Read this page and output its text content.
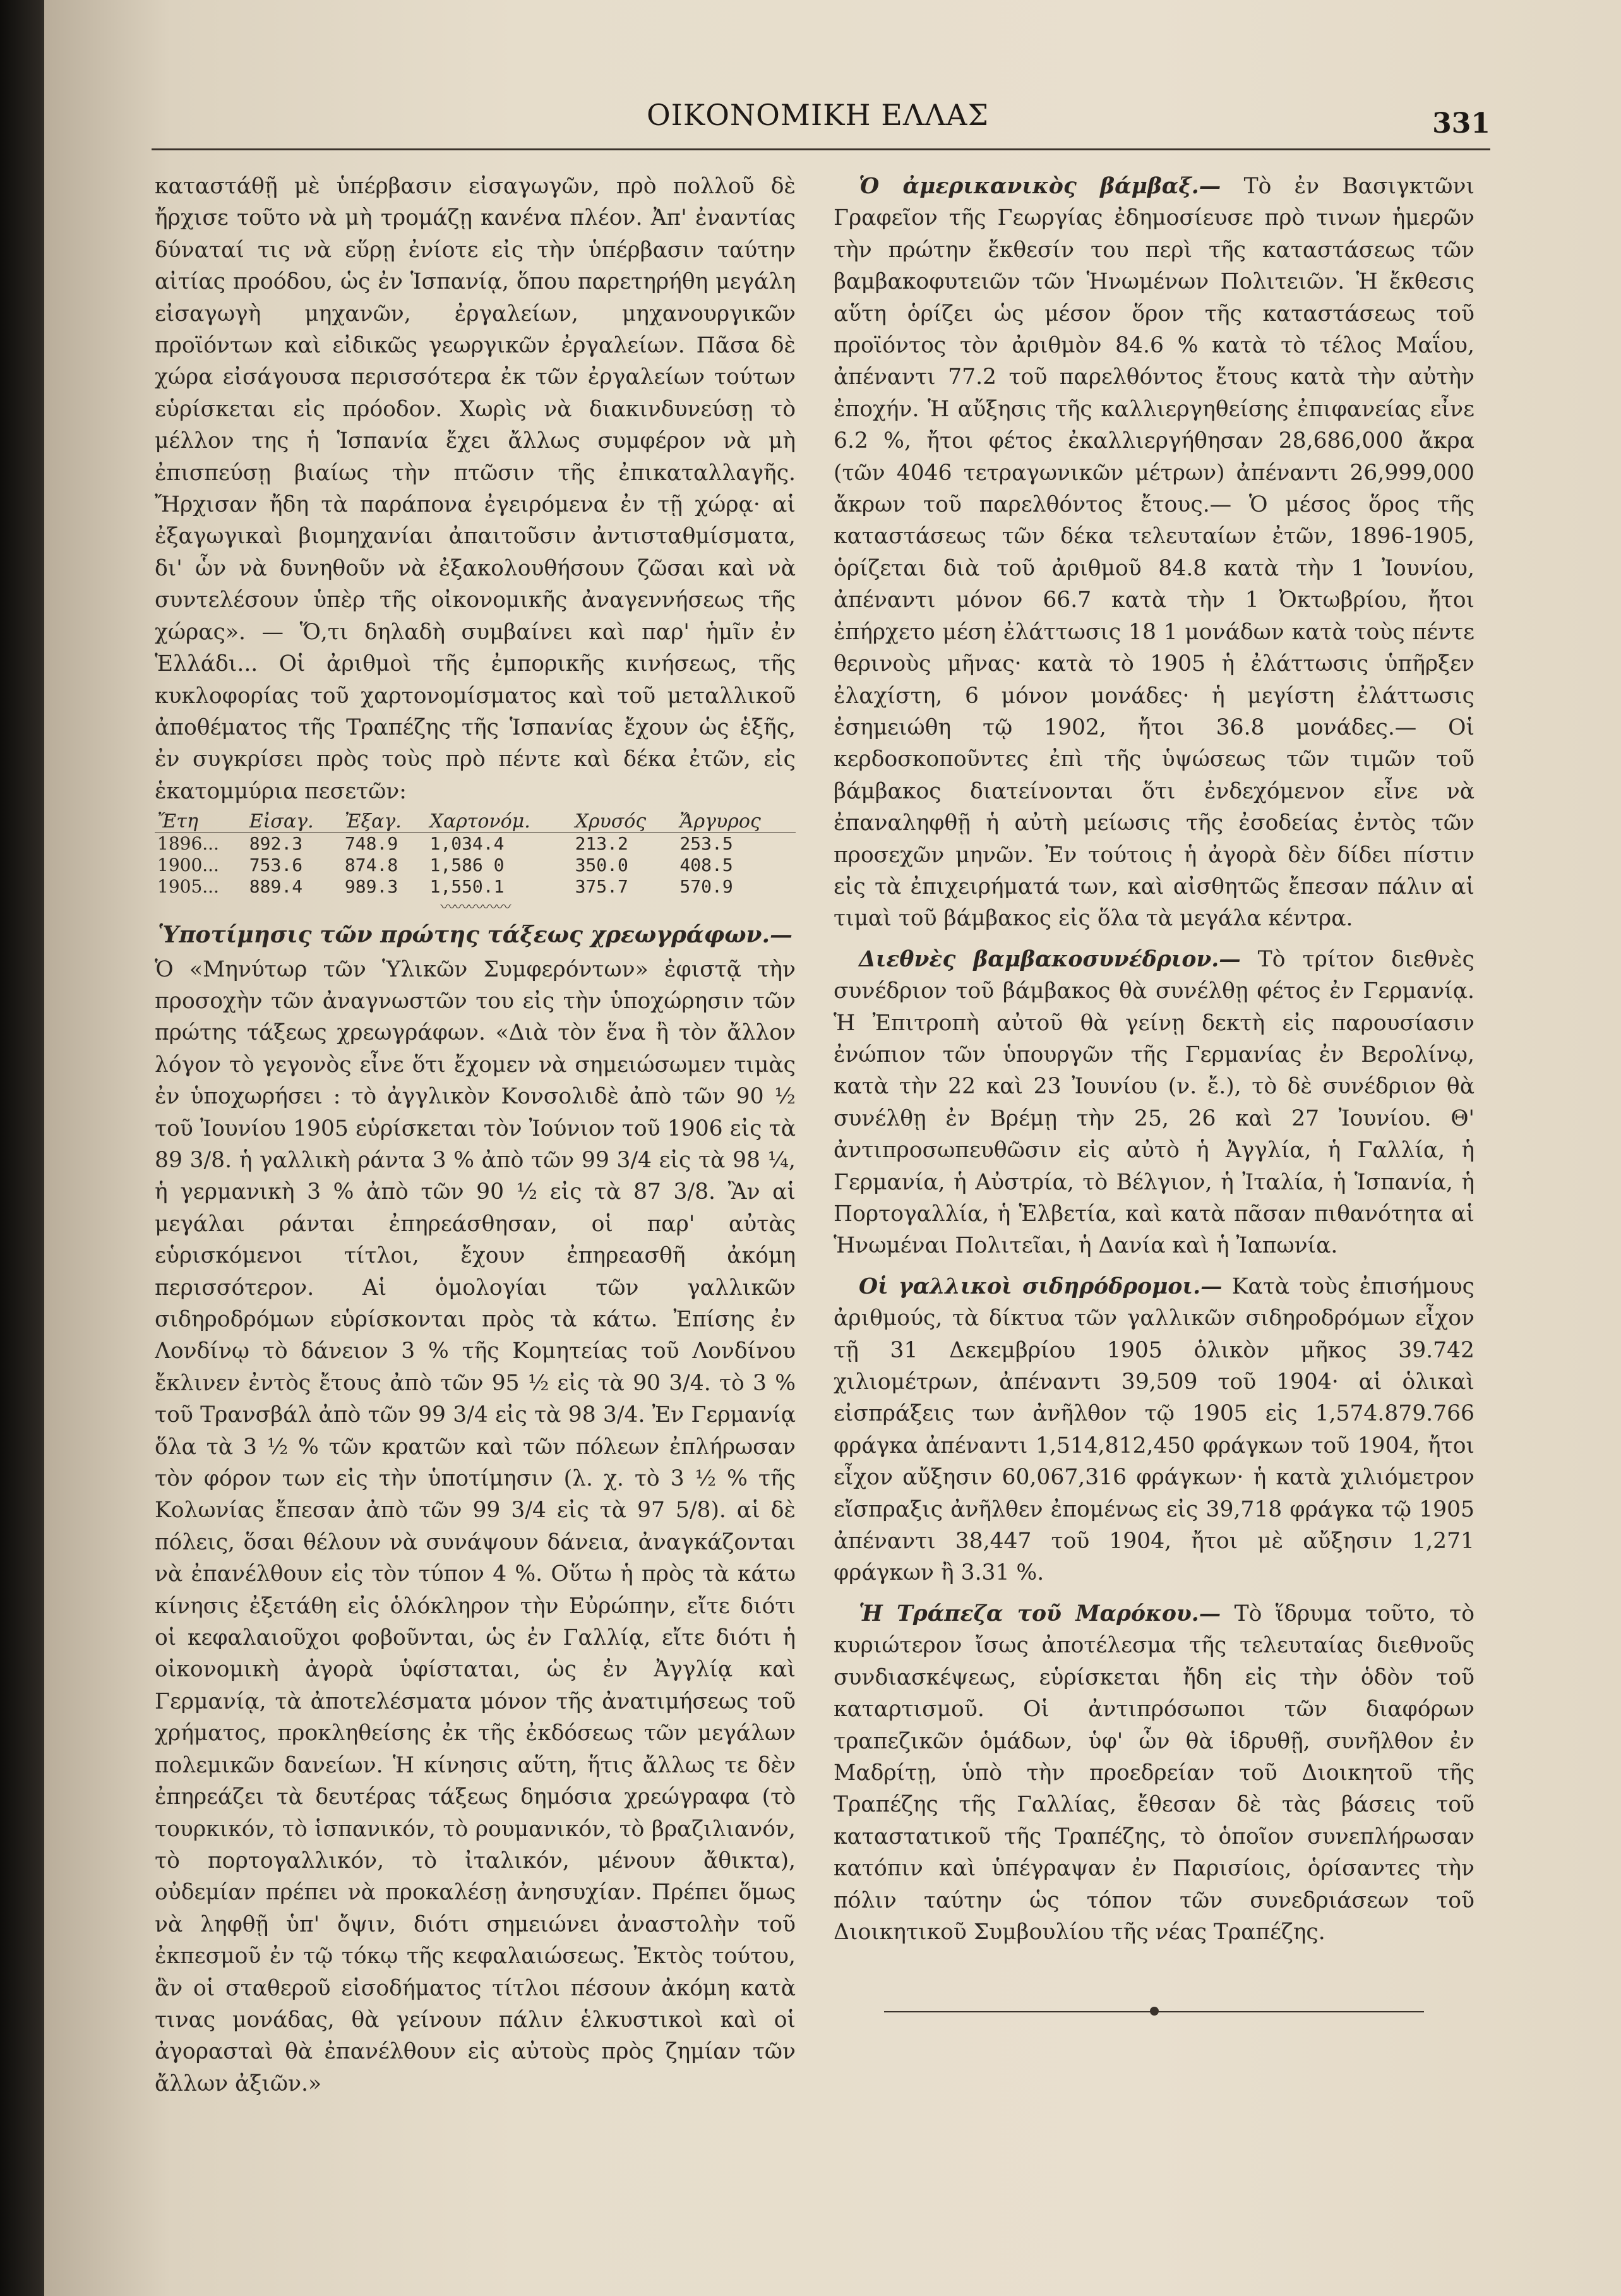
ΟΙΚΟΝΟΜΙΚΗ ΕΛΛΑΣ	331

καταστάθῇ μὲ ὑπέρβασιν εἰσαγωγῶν, πρὸ πολλοῦ δὲ ἤρχισε τοῦτο νὰ μὴ τρομάζῃ κανένα πλέον. Ἀπ' ἐναντίας δύναταί τις νὰ εὕρῃ ἐνίοτε εἰς τὴν ὑπέρβασιν ταύτην αἰτίας προόδου, ὡς ἐν Ἱσπανίᾳ, ὅπου παρετηρήθη μεγάλη εἰσαγωγὴ μηχανῶν, ἐργαλείων, μηχανουργικῶν προϊόντων καὶ εἰδικῶς γεωργικῶν ἐργαλείων. Πᾶσα δὲ χώρα εἰσάγουσα περισσότερα ἐκ τῶν ἐργαλείων τούτων εὑρίσκεται εἰς πρόοδον. Χωρὶς νὰ διακινδυνεύσῃ τὸ μέλλον της ἡ Ἱσπανία ἔχει ἄλλως συμφέρον νὰ μὴ ἐπισπεύσῃ βιαίως τὴν πτῶσιν τῆς ἐπικαταλλαγῆς. Ἤρχισαν ἤδη τὰ παράπονα ἐγειρόμενα ἐν τῇ χώρᾳ· αἱ ἐξαγωγικαὶ βιομηχανίαι ἀπαιτοῦσιν ἀντισταθμίσματα, δι' ὧν νὰ δυνηθοῦν νὰ ἐξακολουθήσουν ζῶσαι καὶ νὰ συντελέσουν ὑπὲρ τῆς οἰκονομικῆς ἀναγεννήσεως τῆς χώρας». — Ὅ,τι δηλαδὴ συμβαίνει καὶ παρ' ἡμῖν ἐν Ἑλλάδι... Οἱ ἀριθμοὶ τῆς ἐμπορικῆς κινήσεως, τῆς κυκλοφορίας τοῦ χαρτονομίσματος καὶ τοῦ μεταλλικοῦ ἀποθέματος τῆς Τραπέζης τῆς Ἱσπανίας ἔχουν ὡς ἑξῆς, ἐν συγκρίσει πρὸς τοὺς πρὸ πέντε καὶ δέκα ἐτῶν, εἰς ἑκατομμύρια πεσετῶν:

Ἔτη	Εἰσαγ.	Ἐξαγ.	Χαρτονόμ.	Χρυσός	Ἄργυρος
1896...	892.3	748.9	1,034.4	213.2	253.5
1900...	753.6	874.8	1,586 0	350.0	408.5
1905...	889.4	989.3	1,550.1	375.7	570.9
〰〰〰〰〰
Ὑποτίμησις τῶν πρώτης τάξεως χρεωγράφων.—

Ὁ «Μηνύτωρ τῶν Ὑλικῶν Συμφερόντων» ἐφιστᾷ τὴν προσοχὴν τῶν ἀναγνωστῶν του εἰς τὴν ὑποχώρησιν τῶν πρώτης τάξεως χρεωγράφων. «Διὰ τὸν ἕνα ἢ τὸν ἄλλον λόγον τὸ γεγονὸς εἶνε ὅτι ἔχομεν νὰ σημειώσωμεν τιμὰς ἐν ὑποχωρήσει : τὸ ἀγγλικὸν Κονσολιδὲ ἀπὸ τῶν 90 ½ τοῦ Ἰουνίου 1905 εὑρίσκεται τὸν Ἰούνιον τοῦ 1906 εἰς τὰ 89 3/8. ἡ γαλλικὴ ράντα 3 % ἀπὸ τῶν 99 3/4 εἰς τὰ 98 ¼, ἡ γερμανικὴ 3 % ἀπὸ τῶν 90 ½ εἰς τὰ 87 3/8. Ἂν αἱ μεγάλαι ράνται ἐπηρεάσθησαν, οἱ παρ' αὐτὰς εὑρισκόμενοι τίτλοι, ἔχουν ἐπηρεασθῆ ἀκόμη περισσότερον. Αἱ ὁμολογίαι τῶν γαλλικῶν σιδηροδρόμων εὑρίσκονται πρὸς τὰ κάτω. Ἐπίσης ἐν Λονδίνῳ τὸ δάνειον 3 % τῆς Κομητείας τοῦ Λονδίνου ἔκλινεν ἐντὸς ἔτους ἀπὸ τῶν 95 ½ εἰς τὰ 90 3/4. τὸ 3 % τοῦ Τρανσβάλ ἀπὸ τῶν 99 3/4 εἰς τὰ 98 3/4. Ἐν Γερμανίᾳ ὅλα τὰ 3 ½ % τῶν κρατῶν καὶ τῶν πόλεων ἐπλήρωσαν τὸν φόρον των εἰς τὴν ὑποτίμησιν (λ. χ. τὸ 3 ½ % τῆς Κολωνίας ἔπεσαν ἀπὸ τῶν 99 3/4 εἰς τὰ 97 5/8). αἱ δὲ πόλεις, ὅσαι θέλουν νὰ συνάψουν δάνεια, ἀναγκάζονται νὰ ἐπανέλθουν εἰς τὸν τύπον 4 %. Οὕτω ἡ πρὸς τὰ κάτω κίνησις ἐξετάθη εἰς ὁλόκληρον τὴν Εὐρώπην, εἴτε διότι οἱ κεφαλαιοῦχοι φοβοῦνται, ὡς ἐν Γαλλίᾳ, εἴτε διότι ἡ οἰκονομικὴ ἀγορὰ ὑφίσταται, ὡς ἐν Ἀγγλίᾳ καὶ Γερμανίᾳ, τὰ ἀποτελέσματα μόνον τῆς ἀνατιμήσεως τοῦ χρήματος, προκληθείσης ἐκ τῆς ἐκδόσεως τῶν μεγάλων πολεμικῶν δανείων. Ἡ κίνησις αὕτη, ἥτις ἄλλως τε δὲν ἐπηρεάζει τὰ δευτέρας τάξεως δημόσια χρεώγραφα (τὸ τουρκικόν, τὸ ἱσπανικόν, τὸ ρουμανικόν, τὸ βραζιλιανόν, τὸ πορτογαλλικόν, τὸ ἰταλικόν, μένουν ἄθικτα), οὐδεμίαν πρέπει νὰ προκαλέσῃ ἀνησυχίαν. Πρέπει ὅμως νὰ ληφθῇ ὑπ' ὄψιν, διότι σημειώνει ἀναστολὴν τοῦ ἐκπεσμοῦ ἐν τῷ τόκῳ τῆς κεφαλαιώσεως. Ἐκτὸς τούτου, ἂν οἱ σταθεροῦ εἰσοδήματος τίτλοι πέσουν ἀκόμη κατὰ τινας μονάδας, θὰ γείνουν πάλιν ἑλκυστικοὶ καὶ οἱ ἀγορασταὶ θὰ ἐπανέλθουν εἰς αὐτοὺς πρὸς ζημίαν τῶν ἄλλων ἀξιῶν.»

Ὁ ἀμερικανικὸς βάμβαξ.— Τὸ ἐν Βασιγκτῶνι Γραφεῖον τῆς Γεωργίας ἐδημοσίευσε πρὸ τινων ἡμερῶν τὴν πρώτην ἔκθεσίν του περὶ τῆς καταστάσεως τῶν βαμβακοφυτειῶν τῶν Ἡνωμένων Πολιτειῶν. Ἡ ἔκθεσις αὕτη ὁρίζει ὡς μέσον ὅρον τῆς καταστάσεως τοῦ προϊόντος τὸν ἀριθμὸν 84.6 % κατὰ τὸ τέλος Μαΐου, ἀπέναντι 77.2 τοῦ παρελθόντος ἔτους κατὰ τὴν αὐτὴν ἐποχήν. Ἡ αὔξησις τῆς καλλιεργηθείσης ἐπιφανείας εἶνε 6.2 %, ἤτοι φέτος ἐκαλλιεργήθησαν 28,686,000 ἄκρα (τῶν 4046 τετραγωνικῶν μέτρων) ἀπέναντι 26,999,000 ἄκρων τοῦ παρελθόντος ἔτους.— Ὁ μέσος ὅρος τῆς καταστάσεως τῶν δέκα τελευταίων ἐτῶν, 1896-1905, ὁρίζεται διὰ τοῦ ἀριθμοῦ 84.8 κατὰ τὴν 1 Ἰουνίου, ἀπέναντι μόνον 66.7 κατὰ τὴν 1 Ὀκτωβρίου, ἤτοι ἐπήρχετο μέση ἐλάττωσις 18 1 μονάδων κατὰ τοὺς πέντε θερινοὺς μῆνας· κατὰ τὸ 1905 ἡ ἐλάττωσις ὑπῆρξεν ἐλαχίστη, 6 μόνον μονάδες· ἡ μεγίστη ἐλάττωσις ἐσημειώθη τῷ 1902, ἤτοι 36.8 μονάδες.— Οἱ κερδοσκοποῦντες ἐπὶ τῆς ὑψώσεως τῶν τιμῶν τοῦ βάμβακος διατείνονται ὅτι ἐνδεχόμενον εἶνε νὰ ἐπαναληφθῇ ἡ αὐτὴ μείωσις τῆς ἐσοδείας ἐντὸς τῶν προσεχῶν μηνῶν. Ἐν τούτοις ἡ ἀγορὰ δὲν δίδει πίστιν εἰς τὰ ἐπιχειρήματά των, καὶ αἰσθητῶς ἔπεσαν πάλιν αἱ τιμαὶ τοῦ βάμβακος εἰς ὅλα τὰ μεγάλα κέντρα.

Διεθνὲς βαμβακοσυνέδριον.— Τὸ τρίτον διεθνὲς συνέδριον τοῦ βάμβακος θὰ συνέλθῃ φέτος ἐν Γερμανίᾳ. Ἡ Ἐπιτροπὴ αὐτοῦ θὰ γείνῃ δεκτὴ εἰς παρουσίασιν ἐνώπιον τῶν ὑπουργῶν τῆς Γερμανίας ἐν Βερολίνῳ, κατὰ τὴν 22 καὶ 23 Ἰουνίου (ν. ἔ.), τὸ δὲ συνέδριον θὰ συνέλθῃ ἐν Βρέμῃ τὴν 25, 26 καὶ 27 Ἰουνίου. Θ' ἀντιπροσωπευθῶσιν εἰς αὐτὸ ἡ Ἀγγλία, ἡ Γαλλία, ἡ Γερμανία, ἡ Αὐστρία, τὸ Βέλγιον, ἡ Ἰταλία, ἡ Ἱσπανία, ἡ Πορτογαλλία, ἡ Ἑλβετία, καὶ κατὰ πᾶσαν πιθανότητα αἱ Ἡνωμέναι Πολιτεῖαι, ἡ Δανία καὶ ἡ Ἰαπωνία.

Οἱ γαλλικοὶ σιδηρόδρομοι.— Κατὰ τοὺς ἐπισήμους ἀριθμούς, τὰ δίκτυα τῶν γαλλικῶν σιδηροδρόμων εἶχον τῇ 31 Δεκεμβρίου 1905 ὁλικὸν μῆκος 39.742 χιλιομέτρων, ἀπέναντι 39,509 τοῦ 1904· αἱ ὁλικαὶ εἰσπράξεις των ἀνῆλθον τῷ 1905 εἰς 1,574.879.766 φράγκα ἀπέναντι 1,514,812,450 φράγκων τοῦ 1904, ἤτοι εἶχον αὔξησιν 60,067,316 φράγκων· ἡ κατὰ χιλιόμετρον εἴσπραξις ἀνῆλθεν ἐπομένως εἰς 39,718 φράγκα τῷ 1905 ἀπέναντι 38,447 τοῦ 1904, ἤτοι μὲ αὔξησιν 1,271 φράγκων ἢ 3.31 %.

Ἡ Τράπεζα τοῦ Μαρόκου.— Τὸ ἵδρυμα τοῦτο, τὸ κυριώτερον ἴσως ἀποτέλεσμα τῆς τελευταίας διεθνοῦς συνδιασκέψεως, εὑρίσκεται ἤδη εἰς τὴν ὁδὸν τοῦ καταρτισμοῦ. Οἱ ἀντιπρόσωποι τῶν διαφόρων τραπεζικῶν ὁμάδων, ὑφ' ὧν θὰ ἱδρυθῇ, συνῆλθον ἐν Μαδρίτῃ, ὑπὸ τὴν προεδρείαν τοῦ Διοικητοῦ τῆς Τραπέζης τῆς Γαλλίας, ἔθεσαν δὲ τὰς βάσεις τοῦ καταστατικοῦ τῆς Τραπέζης, τὸ ὁποῖον συνεπλήρωσαν κατόπιν καὶ ὑπέγραψαν ἐν Παρισίοις, ὁρίσαντες τὴν πόλιν ταύτην ὡς τόπον τῶν συνεδριάσεων τοῦ Διοικητικοῦ Συμβουλίου τῆς νέας Τραπέζης.
